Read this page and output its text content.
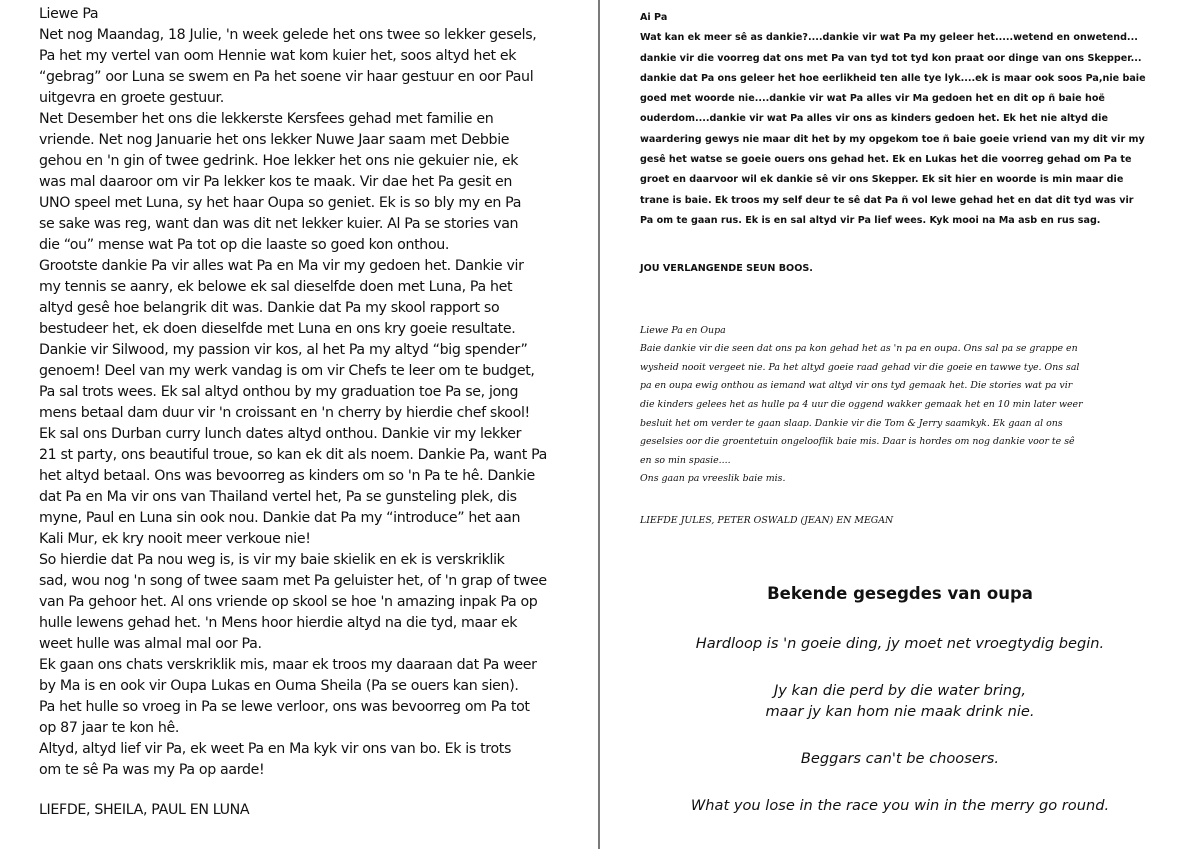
Liewe Pa

Net nog Maandag, 18 Julie, 'n week gelede het ons twee so lekker gesels,

Pa het my vertel van oom Hennie wat kom kuier het, soos altyd het ek

“gebrag” oor Luna se swem en Pa het soene vir haar gestuur en oor Paul

uitgevra en groete gestuur.

Net Desember het ons die lekkerste Kersfees gehad met familie en

vriende. Net nog Januarie het ons lekker Nuwe Jaar saam met Debbie

gehou en 'n gin of twee gedrink. Hoe lekker het ons nie gekuier nie, ek

was mal daaroor om vir Pa lekker kos te maak. Vir dae het Pa gesit en

UNO speel met Luna, sy het haar Oupa so geniet. Ek is so bly my en Pa

se sake was reg, want dan was dit net lekker kuier. Al Pa se stories van

die “ou” mense wat Pa tot op die laaste so goed kon onthou.

Grootste dankie Pa vir alles wat Pa en Ma vir my gedoen het. Dankie vir

my tennis se aanry, ek belowe ek sal dieselfde doen met Luna, Pa het

altyd gesê hoe belangrik dit was. Dankie dat Pa my skool rapport so

bestudeer het, ek doen dieselfde met Luna en ons kry goeie resultate.

Dankie vir Silwood, my passion vir kos, al het Pa my altyd “big spender”

genoem! Deel van my werk vandag is om vir Chefs te leer om te budget,

Pa sal trots wees. Ek sal altyd onthou by my graduation toe Pa se, jong

mens betaal dam duur vir 'n croissant en 'n cherry by hierdie chef skool!

Ek sal ons Durban curry lunch dates altyd onthou. Dankie vir my lekker

21 st party, ons beautiful troue, so kan ek dit als noem. Dankie Pa, want Pa

het altyd betaal. Ons was bevoorreg as kinders om so 'n Pa te hê. Dankie

dat Pa en Ma vir ons van Thailand vertel het, Pa se gunsteling plek, dis

myne, Paul en Luna sin ook nou. Dankie dat Pa my “introduce” het aan

Kali Mur, ek kry nooit meer verkoue nie!

So hierdie dat Pa nou weg is, is vir my baie skielik en ek is verskriklik

sad, wou nog 'n song of twee saam met Pa geluister het, of 'n grap of twee

van Pa gehoor het. Al ons vriende op skool se hoe 'n amazing inpak Pa op

hulle lewens gehad het. 'n Mens hoor hierdie altyd na die tyd, maar ek

weet hulle was almal mal oor Pa.

Ek gaan ons chats verskriklik mis, maar ek troos my daaraan dat Pa weer

by Ma is en ook vir Oupa Lukas en Ouma Sheila (Pa se ouers kan sien).

Pa het hulle so vroeg in Pa se lewe verloor, ons was bevoorreg om Pa tot

op 87 jaar te kon hê.

Altyd, altyd lief vir Pa, ek weet Pa en Ma kyk vir ons van bo. Ek is trots

om te sê Pa was my Pa op aarde!

LIEFDE, SHEILA, PAUL EN LUNA

Ai Pa

Wat kan ek meer sê as dankie?....dankie vir wat Pa my geleer het.....wetend en onwetend...

dankie vir die voorreg dat ons met Pa van tyd tot tyd kon praat oor dinge van ons Skepper...

dankie dat Pa ons geleer het hoe eerlikheid ten alle tye lyk....ek is maar ook soos Pa,nie baie

goed met woorde nie....dankie vir wat Pa alles vir Ma gedoen het en dit op ñ baie hoë

ouderdom....dankie vir wat Pa alles vir ons as kinders gedoen het. Ek het nie altyd die

waardering gewys nie maar dit het by my opgekom toe ñ baie goeie vriend van my dit vir my

gesê het watse se goeie ouers ons gehad het. Ek en Lukas het die voorreg gehad om Pa te

groet en daarvoor wil ek dankie sê vir ons Skepper. Ek sit hier en woorde is min maar die

trane is baie. Ek troos my self deur te sê dat Pa ñ vol lewe gehad het en dat dit tyd was vir

Pa om te gaan rus. Ek is en sal altyd vir Pa lief wees. Kyk mooi na Ma asb en rus sag.

JOU VERLANGENDE SEUN BOOS.

Liewe Pa en Oupa

Baie dankie vir die seen dat ons pa kon gehad het as 'n pa en oupa. Ons sal pa se grappe en

wysheid nooit vergeet nie. Pa het altyd goeie raad gehad vir die goeie en tawwe tye. Ons sal

pa en oupa ewig onthou as iemand wat altyd vir ons tyd gemaak het. Die stories wat pa vir

die kinders gelees het as hulle pa 4 uur die oggend wakker gemaak het en 10 min later weer

besluit het om verder te gaan slaap. Dankie vir die Tom & Jerry saamkyk. Ek gaan al ons

geselsies oor die groentetuin ongelooflik baie mis. Daar is hordes om nog dankie voor te sê

en so min spasie....

Ons gaan pa vreeslik baie mis.

LIEFDE JULES, PETER OSWALD (JEAN) EN MEGAN

Bekende gesegdes van oupa

Hardloop is 'n goeie ding, jy moet net vroegtydig begin.

Jy kan die perd by die water bring,
maar jy kan hom nie maak drink nie.

Beggars can't be choosers.

What you lose in the race you win in the merry go round.
